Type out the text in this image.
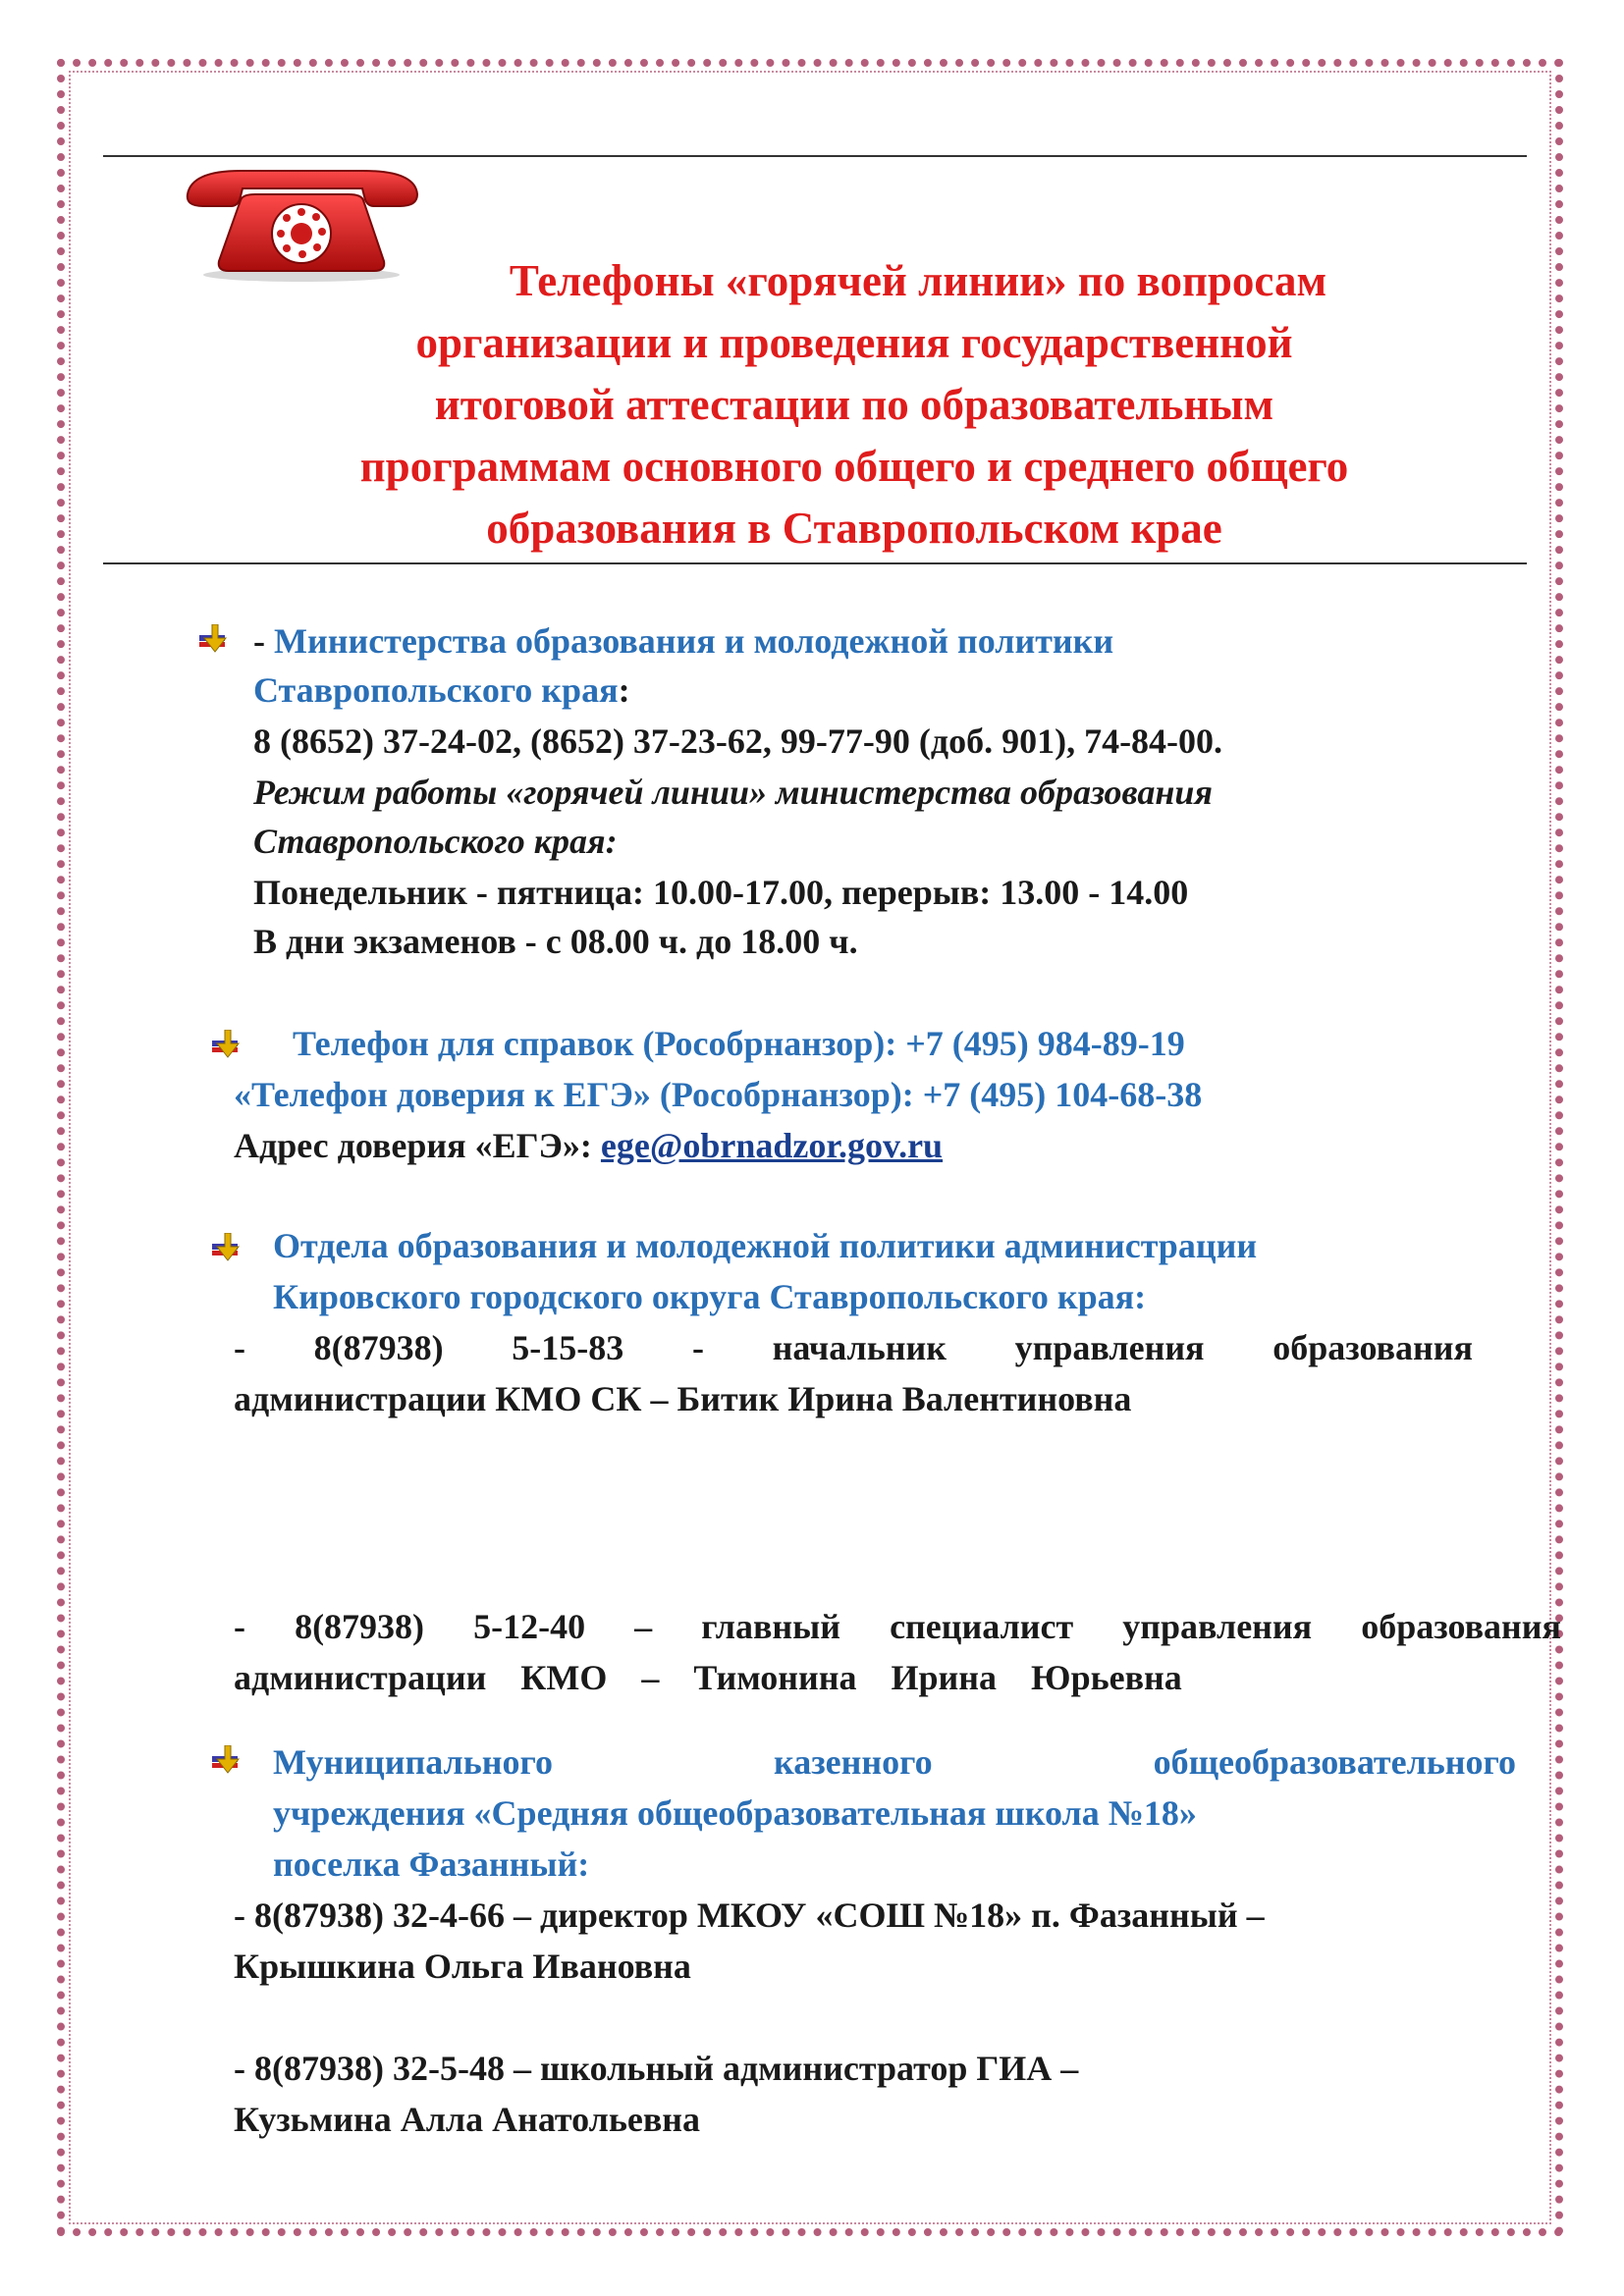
Телефоны «горячей линии» по вопросам
организации и проведения государственной
итоговой аттестации по образовательным
программам основного общего и среднего общего
образования в Ставропольском крае
- Министерства образования и молодежной политики
Ставропольского края:
8 (8652) 37-24-02, (8652) 37-23-62, 99-77-90 (доб. 901), 74-84-00.
Режим работы «горячей линии» министерства образования
Ставропольского края:
Понедельник - пятница: 10.00-17.00, перерыв: 13.00 - 14.00
В дни экзаменов - с 08.00 ч. до 18.00 ч.
Телефон для справок (Рособрнанзор): +7 (495) 984-89-19
«Телефон доверия к ЕГЭ» (Рособрнанзор): +7 (495) 104-68-38
Адрес доверия «ЕГЭ»: ege@obrnadzor.gov.ru
Отдела образования и молодежной политики администрации
Кировского городского округа Ставропольского края:
- 8(87938) 5-15-83 - начальник управления образования
администрации КМО СК – Битик Ирина Валентиновна
- 8(87938) 5-12-40 – главный специалист управления образования
администрации КМО – Тимонина Ирина Юрьевна
Муниципального казенного общеобразовательного
учреждения «Средняя общеобразовательная школа №18»
поселка Фазанный:
- 8(87938) 32-4-66 – директор МКОУ «СОШ №18» п. Фазанный –
Крышкина Ольга Ивановна
- 8(87938) 32-5-48 – школьный администратор ГИА –
Кузьмина Алла Анатольевна
